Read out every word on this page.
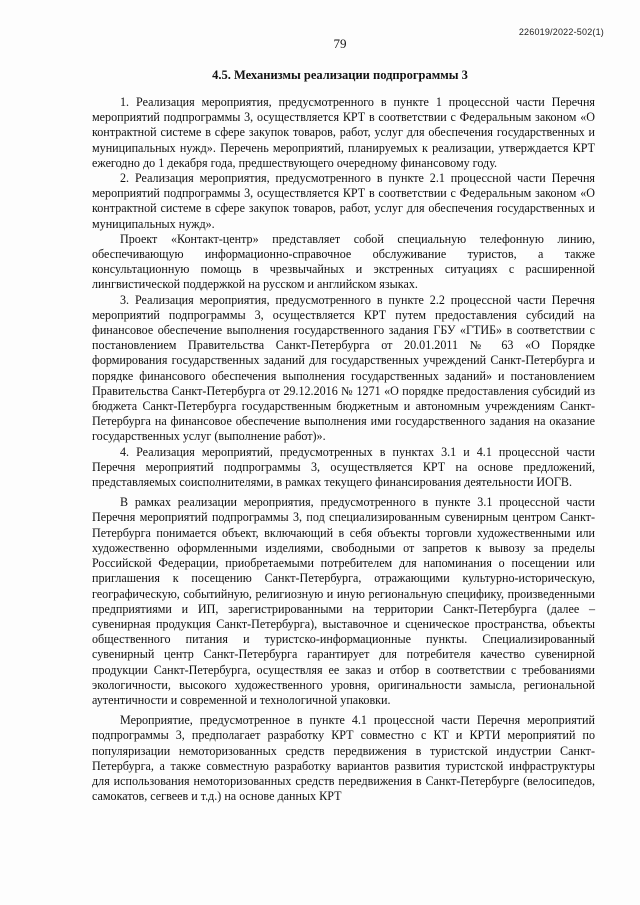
226019/2022-502(1)
79
4.5. Механизмы реализации подпрограммы 3

1. Реализация мероприятия, предусмотренного в пункте 1 процессной части Перечня мероприятий подпрограммы 3, осуществляется КРТ в соответствии с Федеральным законом «О контрактной системе в сфере закупок товаров, работ, услуг для обеспечения государственных и муниципальных нужд». Перечень мероприятий, планируемых к реализации, утверждается КРТ ежегодно до 1 декабря года, предшествующего очередному финансовому году.

2. Реализация мероприятия, предусмотренного в пункте 2.1 процессной части Перечня мероприятий подпрограммы 3, осуществляется КРТ в соответствии с Федеральным законом «О контрактной системе в сфере закупок товаров, работ, услуг для обеспечения государственных и муниципальных нужд».

Проект «Контакт-центр» представляет собой специальную телефонную линию, обеспечивающую информационно-справочное обслуживание туристов, а также консультационную помощь в чрезвычайных и экстренных ситуациях с расширенной лингвистической поддержкой на русском и английском языках.

3. Реализация мероприятия, предусмотренного в пункте 2.2 процессной части Перечня мероприятий подпрограммы 3, осуществляется КРТ путем предоставления субсидий на финансовое обеспечение выполнения государственного задания ГБУ «ГТИБ» в соответствии с постановлением Правительства Санкт-Петербурга от 20.01.2011 № 63 «О Порядке формирования государственных заданий для государственных учреждений Санкт-Петербурга и порядке финансового обеспечения выполнения государственных заданий» и постановлением Правительства Санкт-Петербурга от 29.12.2016 № 1271 «О порядке предоставления субсидий из бюджета Санкт-Петербурга государственным бюджетным и автономным учреждениям Санкт-Петербурга на финансовое обеспечение выполнения ими государственного задания на оказание государственных услуг (выполнение работ)».

4. Реализация мероприятий, предусмотренных в пунктах 3.1 и 4.1 процессной части Перечня мероприятий подпрограммы 3, осуществляется КРТ на основе предложений, представляемых соисполнителями, в рамках текущего финансирования деятельности ИОГВ.

В рамках реализации мероприятия, предусмотренного в пункте 3.1 процессной части Перечня мероприятий подпрограммы 3, под специализированным сувенирным центром Санкт-Петербурга понимается объект, включающий в себя объекты торговли художественными или художественно оформленными изделиями, свободными от запретов к вывозу за пределы Российской Федерации, приобретаемыми потребителем для напоминания о посещении или приглашения к посещению Санкт-Петербурга, отражающими культурно-историческую, географическую, событийную, религиозную и иную региональную специфику, произведенными предприятиями и ИП, зарегистрированными на территории Санкт-Петербурга (далее – сувенирная продукция Санкт-Петербурга), выставочное и сценическое пространства, объекты общественного питания и туристско-информационные пункты. Специализированный сувенирный центр Санкт-Петербурга гарантирует для потребителя качество сувенирной продукции Санкт-Петербурга, осуществляя ее заказ и отбор в соответствии с требованиями экологичности, высокого художественного уровня, оригинальности замысла, региональной аутентичности и современной и технологичной упаковки.

Мероприятие, предусмотренное в пункте 4.1 процессной части Перечня мероприятий подпрограммы 3, предполагает разработку КРТ совместно с КТ и КРТИ мероприятий по популяризации немоторизованных средств передвижения в туристской индустрии Санкт-Петербурга, а также совместную разработку вариантов развития туристской инфраструктуры для использования немоторизованных средств передвижения в Санкт-Петербурге (велосипедов, самокатов, сегвеев и т.д.) на основе данных КРТ
